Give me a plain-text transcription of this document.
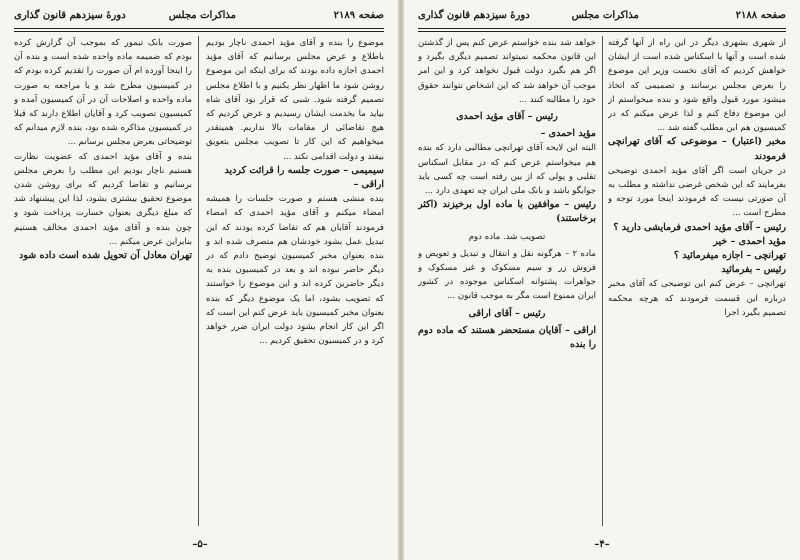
صفحه ۲۱۸۹
مذاکرات مجلس
دورهٔ سیزدهم قانون گذاری

موضوع را بنده و آقای مؤید احمدی ناچار بودیم باطلاع و عرض مجلس برسانیم که آقای مؤید احمدی اجازه داده بودند که برای اینکه این موضوع روشن شود ما اظهار نظر بکنیم و با اطلاع مجلس تصمیم گرفته شود. شبی که قرار بود آقای شاه بیاید ما بخدمت ایشان رسیدیم و عرض کردیم که هیچ تقاضائی از مقامات بالا نداریم. همینقدر میخواهیم که این کار تا تصویب مجلس بتعویق بیفتد و دولت اقدامی نکند ...

سیمیمی – صورت جلسه را قرائت کردید

اراقی –

بنده منشی هستم و صورت جلسات را همیشه امضاء میکنم و آقای مؤید احمدی که امضاء فرمودند آقایان هم که تقاضا کرده بودند که این تبدیل عمل بشود خودشان هم متصرف شده اند و بنده بعنوان مخبر کمیسیون توضیح دادم که در دیگر حاضر نبوده اند و بعد در کمیسیون بنده به دیگر حاضرین کرده اند و این موضوع را خواستند که تصویب بشود، اما یک موضوع دیگر که بنده بعنوان مخبر کمیسیون باید عرض کنم این است که اگر این کار انجام بشود دولت ایران ضرر خواهد کرد و در کمیسیون تحقیق کردیم ...

صورت بانک تیمور که بموجب آن گزارش کرده بودم که ضمیمه ماده واحده شده است و بنده آن را اینجا آورده ام آن صورت را تقدیم کرده بودم که در کمیسیون مطرح شد و با مراجعه به صورت ماده واحده و اصلاحات آن در آن کمیسیون آمده و کمیسیون تصویب کرد و آقایان اطلاع دارند که قبلا در کمیسیون مذاکره شده بود، بنده لازم میدانم که توضیحاتی بعرض مجلس برسانم ...

بنده و آقای مؤید احمدی که عضویت نظارت هستیم ناچار بودیم این مطلب را بعرض مجلس برسانیم و تقاضا کردیم که برای روشن شدن موضوع تحقیق بیشتری بشود، لذا این پیشنهاد شد که مبلغ دیگری بعنوان خسارت پرداخت شود و چون بنده و آقای مؤید احمدی مخالف هستیم بنابراین عرض میکنم ...

تهران معادل آن تحویل شده است داده شود

–۵–
صفحه ۲۱۸۸
مذاکرات مجلس
دورهٔ سیزدهم قانون گذاری

از شهری بشهری دیگر در این راه از آنها گرفته شده است و آنها با اسکناس شده است از ایشان خواهش کردیم که آقای نخست وزیر این موضوع را بعرض مجلس برسانند و تصمیمی که اتخاذ میشود مورد قبول واقع شود و بنده میخواستم از این موضوع دفاع کنم و لذا عرض میکنم که در کمیسیون هم این مطلب گفته شد ...

مخبر (اعتبار) – موضوعی که آقای تهرانچی فرمودند

در جریان است اگر آقای مؤید احمدی توضیحی بفرمایند که این شخص غرضی نداشته و مطلب به آن صورتی نیست که فرمودند اینجا مورد توجه و مطرح است ...

رئیس – آقای مؤید احمدی فرمایشی دارید ؟

مؤید احمدی – خیر

تهرانچی – اجازه میفرمائید ؟

رئیس – بفرمائید

تهرانچی – عرض کنم این توضیحی که آقای مخبر درباره این قسمت فرمودند که هرچه محکمه تصمیم بگیرد اجرا

خواهد شد بنده خواستم عرض کنم پس از گذشتن این قانون محکمه نمیتواند تصمیم دیگری بگیرد و اگر هم بگیرد دولت قبول نخواهد کرد و این امر موجب آن خواهد شد که این اشخاص نتوانند حقوق خود را مطالبه کنند ...

رئیس – آقای مؤید احمدی

مؤید احمدی –

البته این لایحه آقای تهرانچی مطالبی دارد که بنده هم میخواستم عرض کنم که در مقابل اسکناس تقلبی و پولی که از بین رفته است چه کسی باید جوابگو باشد و بانک ملی ایران چه تعهدی دارد ...

رئیس – موافقین با ماده اول برخیزند (اکثر برخاستند)

تصویب شد. ماده دوم

ماده ۲ – هرگونه نقل و انتقال و تبدیل و تعویض و فروش زر و سیم مسکوک و غیر مسکوک و جواهرات پشتوانه اسکناس موجوده در کشور ایران ممنوع است مگر به موجب قانون ...

رئیس – آقای اراقی

اراقی – آقایان مستحضر هستند که ماده دوم را بنده

–۴–
